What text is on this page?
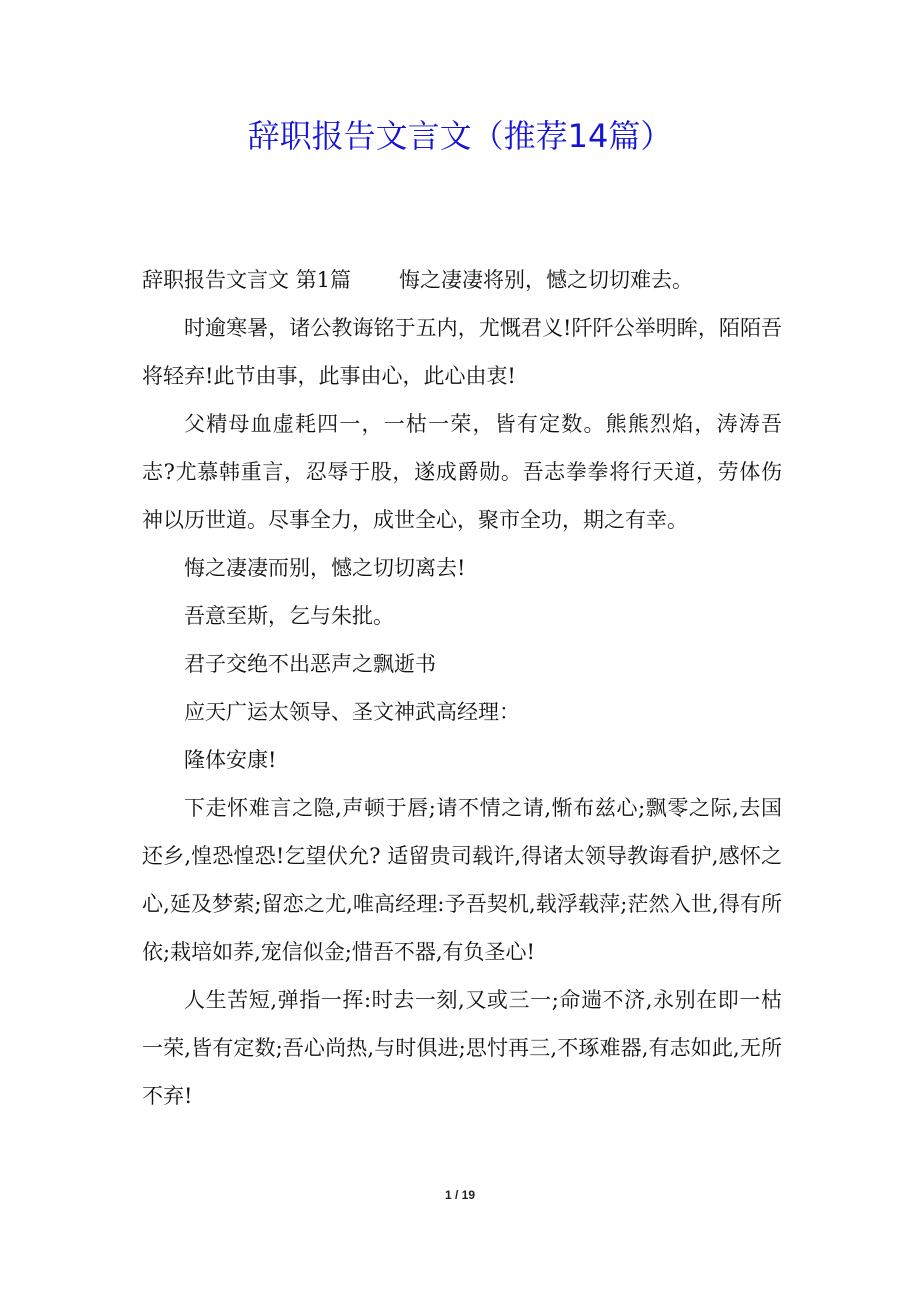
辞职报告文言文（推荐14篇）

辞职报告文言文 第1篇 悔之凄凄将别，憾之切切难去。

时逾寒暑，诸公教诲铭于五内，尤慨君义!阡阡公举明眸，陌陌吾将轻弃!此节由事，此事由心，此心由衷!

父精母血虚耗四一，一枯一荣，皆有定数。熊熊烈焰，涛涛吾志?尤慕韩重言，忍辱于股，遂成爵勋。吾志拳拳将行天道，劳体伤神以历世道。尽事全力，成世全心，聚市全功，期之有幸。

悔之凄凄而别，憾之切切离去!

吾意至斯，乞与朱批。

君子交绝不出恶声之飘逝书

应天广运太领导、圣文神武高经理：

隆体安康!

下走怀难言之隐,声顿于唇;请不情之请,惭布兹心;飘零之际,去国还乡,惶恐惶恐!乞望伏允? 适留贵司载许,得诸太领导教诲看护,感怀之心,延及梦萦;留恋之尤,唯高经理:予吾契机,载浮载萍;茫然入世,得有所依;栽培如荞,宠信似金;惜吾不器,有负圣心!

人生苦短,弹指一挥:时去一刻,又或三一;命遄不济,永别在即一枯一荣,皆有定数;吾心尚热,与时俱进;思忖再三,不琢难器,有志如此,无所不弃!

1 / 19
